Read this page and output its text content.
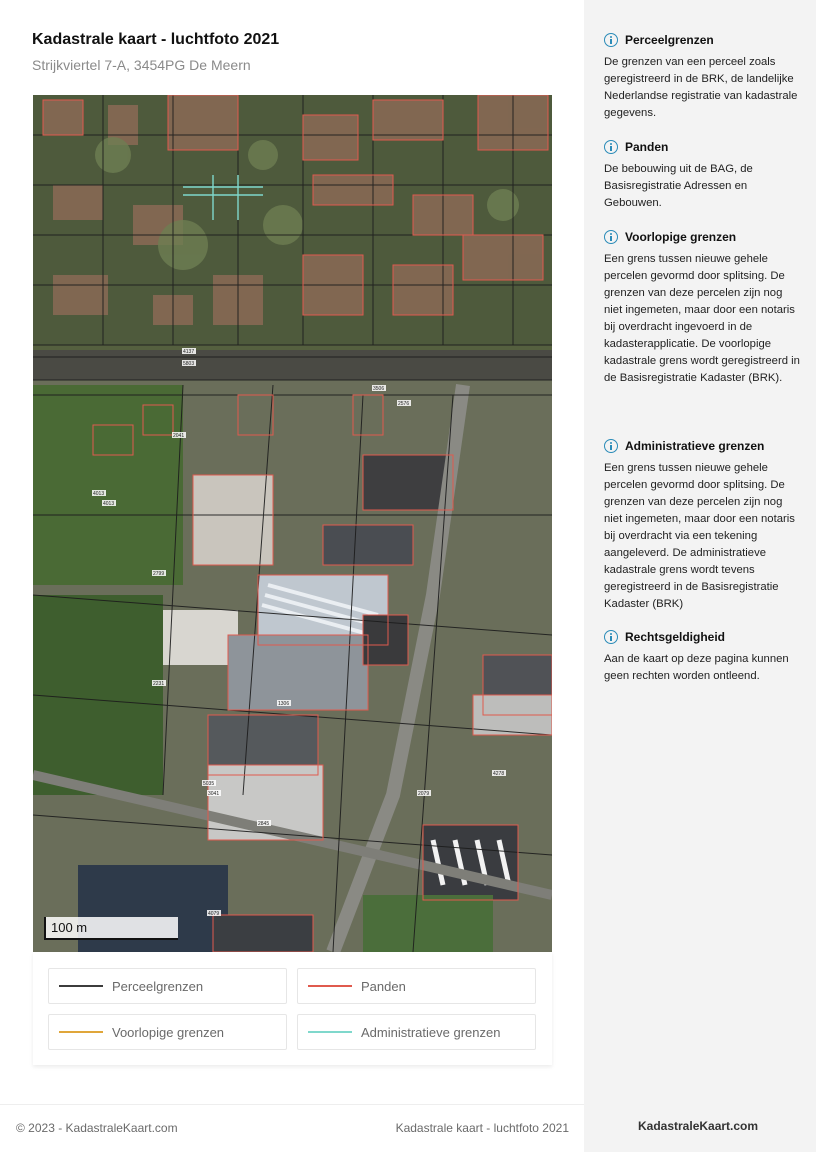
Kadastrale kaart - luchtfoto 2021
Strijkviertel 7-A, 3454PG De Meern
4137
5803
3506
2576
4013
2041
2079
4079
1306
5035
2231
2845
3041
2799
4278
4013
100 m
Perceelgrenzen	Panden
Voorlopige grenzen	Administratieve grenzen
© 2023 - KadastraleKaart.com	Kadastrale kaart - luchtfoto 2021
Perceelgrenzen
De grenzen van een perceel zoals geregistreerd in de BRK, de landelijke Nederlandse registratie van kadastrale gegevens.
Panden
De bebouwing uit de BAG, de Basisregistratie Adressen en Gebouwen.
Voorlopige grenzen
Een grens tussen nieuwe gehele percelen gevormd door splitsing. De grenzen van deze percelen zijn nog niet ingemeten, maar door een notaris bij overdracht ingevoerd in de kadasterapplicatie. De voorlopige kadastrale grens wordt geregistreerd in de Basisregistratie Kadaster (BRK).
Administratieve grenzen
Een grens tussen nieuwe gehele percelen gevormd door splitsing. De grenzen van deze percelen zijn nog niet ingemeten, maar door een notaris bij overdracht via een tekening aangeleverd. De administratieve kadastrale grens wordt tevens geregistreerd in de Basisregistratie Kadaster (BRK)
Rechtsgeldigheid
Aan de kaart op deze pagina kunnen geen rechten worden ontleend.
KadastraleKaart.com
